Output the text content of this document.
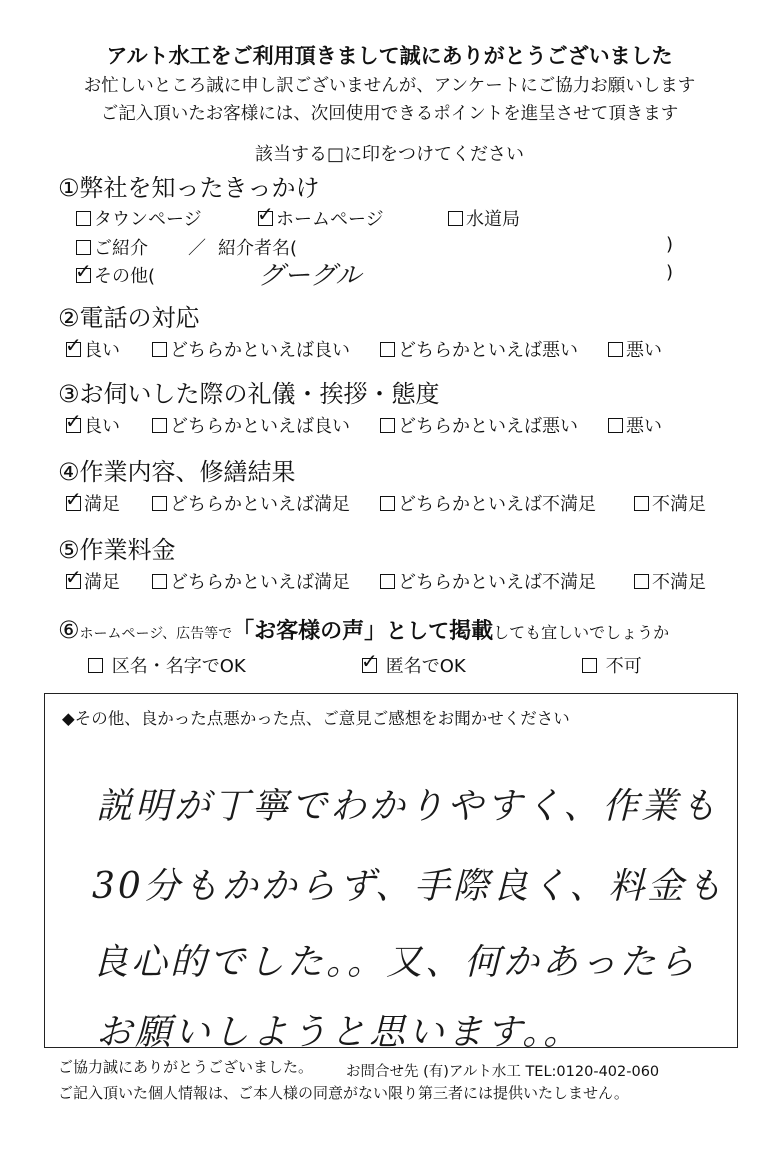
アルト水工をご利用頂きまして誠にありがとうございました
お忙しいところ誠に申し訳ございませんが、アンケートにご協力お願いします
ご記入頂いたお客様には、次回使用できるポイントを進呈させて頂きます
該当する□に印をつけてください
①弊社を知ったきっかけ
タウンページ	✓ ホームページ	水道局
ご紹介 ／ 紹介者名(	)
✓ その他(	グーグル	)
②電話の対応
✓ 良い	どちらかといえば良い	どちらかといえば悪い	悪い
③お伺いした際の礼儀・挨拶・態度
✓ 良い	どちらかといえば良い	どちらかといえば悪い	悪い
④作業内容、修繕結果
✓ 満足	どちらかといえば満足	どちらかといえば不満足	不満足
⑤作業料金
✓ 満足	どちらかといえば満足	どちらかといえば不満足	不満足
⑥ホームページ、広告等で「お客様の声」として掲載しても宜しいでしょうか
区名・名字でOK	✓ 匿名でOK	不可
◆その他、良かった点悪かった点、ご意見ご感想をお聞かせください
説明が丁寧でわかりやすく、作業も
30分もかからず、手際良く、料金も
良心的でした。。又、何かあったら
お願いしようと思います。。
ご協力誠にありがとうございました。 お問合せ先 (有)アルト水工 TEL:0120-402-060
ご記入頂いた個人情報は、ご本人様の同意がない限り第三者には提供いたしません。
